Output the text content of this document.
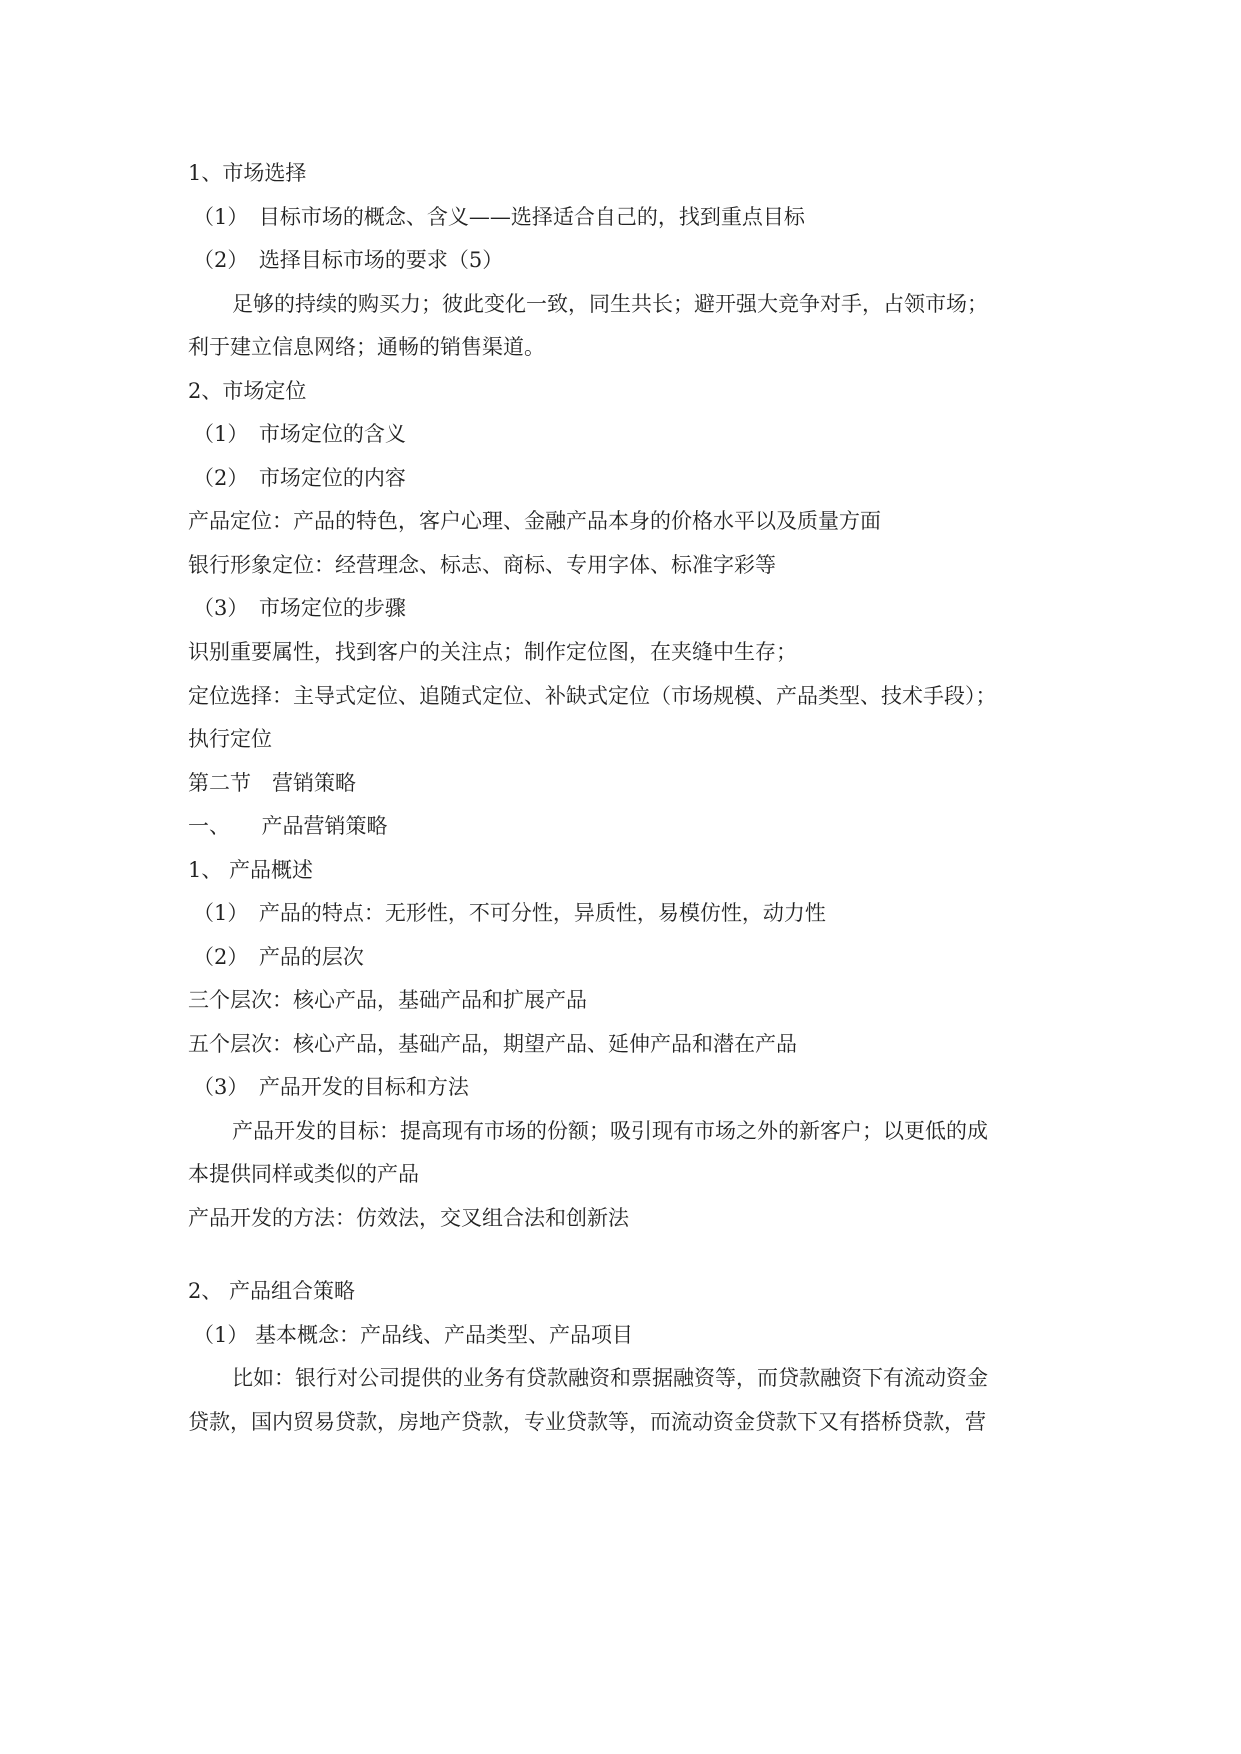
1、市场选择
（1）　目标市场的概念、含义——选择适合自己的，找到重点目标
（2）　选择目标市场的要求（5）
足够的持续的购买力；彼此变化一致，同生共长；避开强大竞争对手，占领市场；
利于建立信息网络；通畅的销售渠道。
2、市场定位
（1）　市场定位的含义
（2）　市场定位的内容
产品定位：产品的特色，客户心理、金融产品本身的价格水平以及质量方面
银行形象定位：经营理念、标志、商标、专用字体、标准字彩等
（3）　市场定位的步骤
识别重要属性，找到客户的关注点；制作定位图，在夹缝中生存；
定位选择：主导式定位、追随式定位、补缺式定位（市场规模、产品类型、技术手段）；
执行定位
第二节　营销策略
一、　　产品营销策略
1、 产品概述
（1）　产品的特点：无形性，不可分性，异质性，易模仿性，动力性
（2）　产品的层次
三个层次：核心产品，基础产品和扩展产品
五个层次：核心产品，基础产品，期望产品、延伸产品和潜在产品
（3）　产品开发的目标和方法
产品开发的目标：提高现有市场的份额；吸引现有市场之外的新客户；以更低的成
本提供同样或类似的产品
产品开发的方法：仿效法，交叉组合法和创新法
2、 产品组合策略
（1） 基本概念：产品线、产品类型、产品项目
比如：银行对公司提供的业务有贷款融资和票据融资等，而贷款融资下有流动资金
贷款，国内贸易贷款，房地产贷款，专业贷款等，而流动资金贷款下又有搭桥贷款，营
